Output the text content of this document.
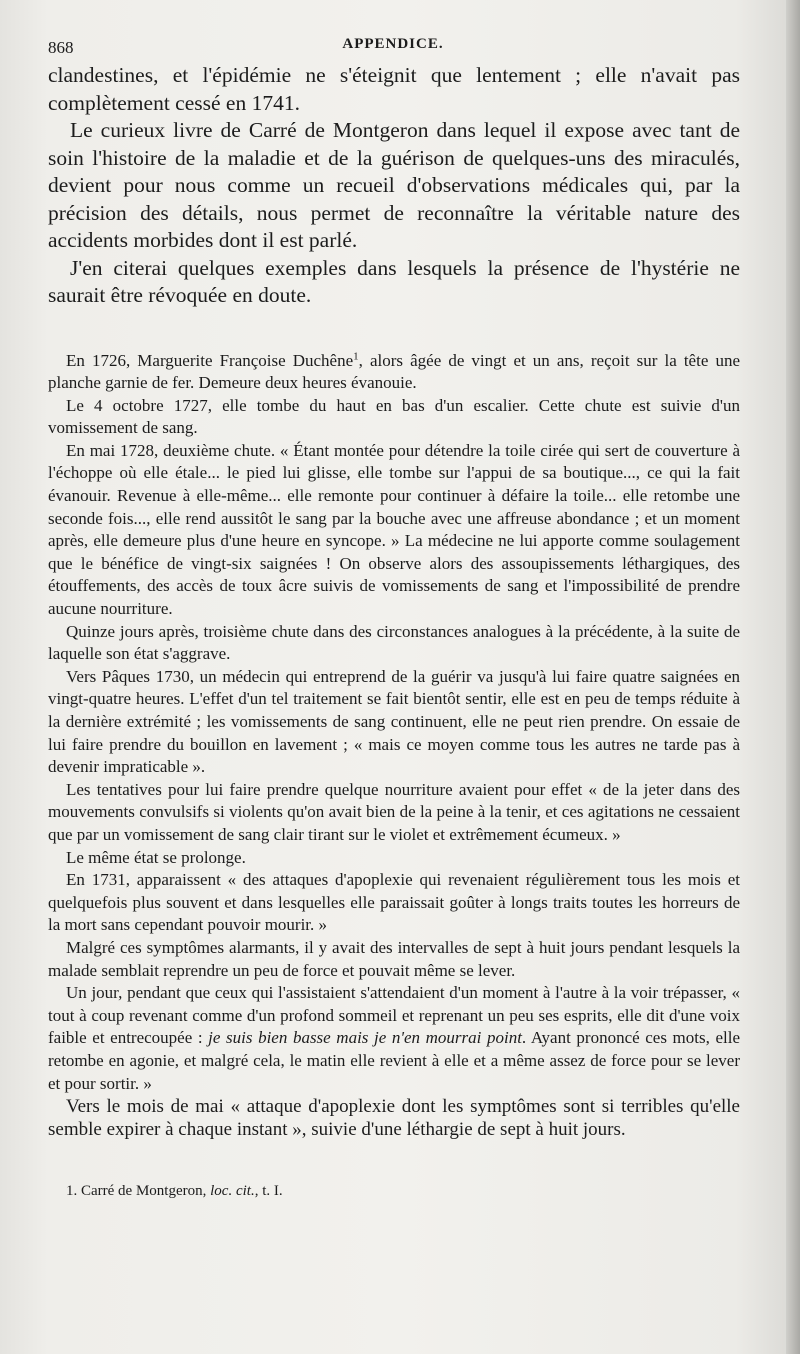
868	APPENDICE.

clandestines, et l'épidémie ne s'éteignit que lentement ; elle n'avait pas complètement cessé en 1741.

Le curieux livre de Carré de Montgeron dans lequel il expose avec tant de soin l'histoire de la maladie et de la guérison de quelques-uns des miraculés, devient pour nous comme un recueil d'observations médicales qui, par la précision des détails, nous permet de reconnaître la véritable nature des accidents morbides dont il est parlé.

J'en citerai quelques exemples dans lesquels la présence de l'hystérie ne saurait être révoquée en doute.

En 1726, Marguerite Françoise Duchêne$^1$, alors âgée de vingt et un ans, reçoit sur la tête une planche garnie de fer. Demeure deux heures évanouie.

Le 4 octobre 1727, elle tombe du haut en bas d'un escalier. Cette chute est suivie d'un vomissement de sang.

En mai 1728, deuxième chute. « Étant montée pour détendre la toile cirée qui sert de couverture à l'échoppe où elle étale... le pied lui glisse, elle tombe sur l'appui de sa boutique..., ce qui la fait évanouir. Revenue à elle-même... elle remonte pour continuer à défaire la toile... elle retombe une seconde fois..., elle rend aussitôt le sang par la bouche avec une affreuse abondance ; et un moment après, elle demeure plus d'une heure en syncope. » La médecine ne lui apporte comme soulagement que le bénéfice de vingt-six saignées ! On observe alors des assoupissements léthargiques, des étouffements, des accès de toux âcre suivis de vomissements de sang et l'impossibilité de prendre aucune nourriture.

Quinze jours après, troisième chute dans des circonstances analogues à la précédente, à la suite de laquelle son état s'aggrave.

Vers Pâques 1730, un médecin qui entreprend de la guérir va jusqu'à lui faire quatre saignées en vingt-quatre heures. L'effet d'un tel traitement se fait bientôt sentir, elle est en peu de temps réduite à la dernière extrémité ; les vomissements de sang continuent, elle ne peut rien prendre. On essaie de lui faire prendre du bouillon en lavement ; « mais ce moyen comme tous les autres ne tarde pas à devenir impraticable ».

Les tentatives pour lui faire prendre quelque nourriture avaient pour effet « de la jeter dans des mouvements convulsifs si violents qu'on avait bien de la peine à la tenir, et ces agitations ne cessaient que par un vomissement de sang clair tirant sur le violet et extrêmement écumeux. »

Le même état se prolonge.

En 1731, apparaissent « des attaques d'apoplexie qui revenaient régulièrement tous les mois et quelquefois plus souvent et dans lesquelles elle paraissait goûter à longs traits toutes les horreurs de la mort sans cependant pouvoir mourir. »

Malgré ces symptômes alarmants, il y avait des intervalles de sept à huit jours pendant lesquels la malade semblait reprendre un peu de force et pouvait même se lever.

Un jour, pendant que ceux qui l'assistaient s'attendaient d'un moment à l'autre à la voir trépasser, « tout à coup revenant comme d'un profond sommeil et reprenant un peu ses esprits, elle dit d'une voix faible et entrecoupée : je suis bien basse mais je n'en mourrai point. Ayant prononcé ces mots, elle retombe en agonie, et malgré cela, le matin elle revient à elle et a même assez de force pour se lever et pour sortir. »

Vers le mois de mai « attaque d'apoplexie dont les symptômes sont si terribles qu'elle semble expirer à chaque instant », suivie d'une léthargie de sept à huit jours.

1. Carré de Montgeron, loc. cit., t. I.
